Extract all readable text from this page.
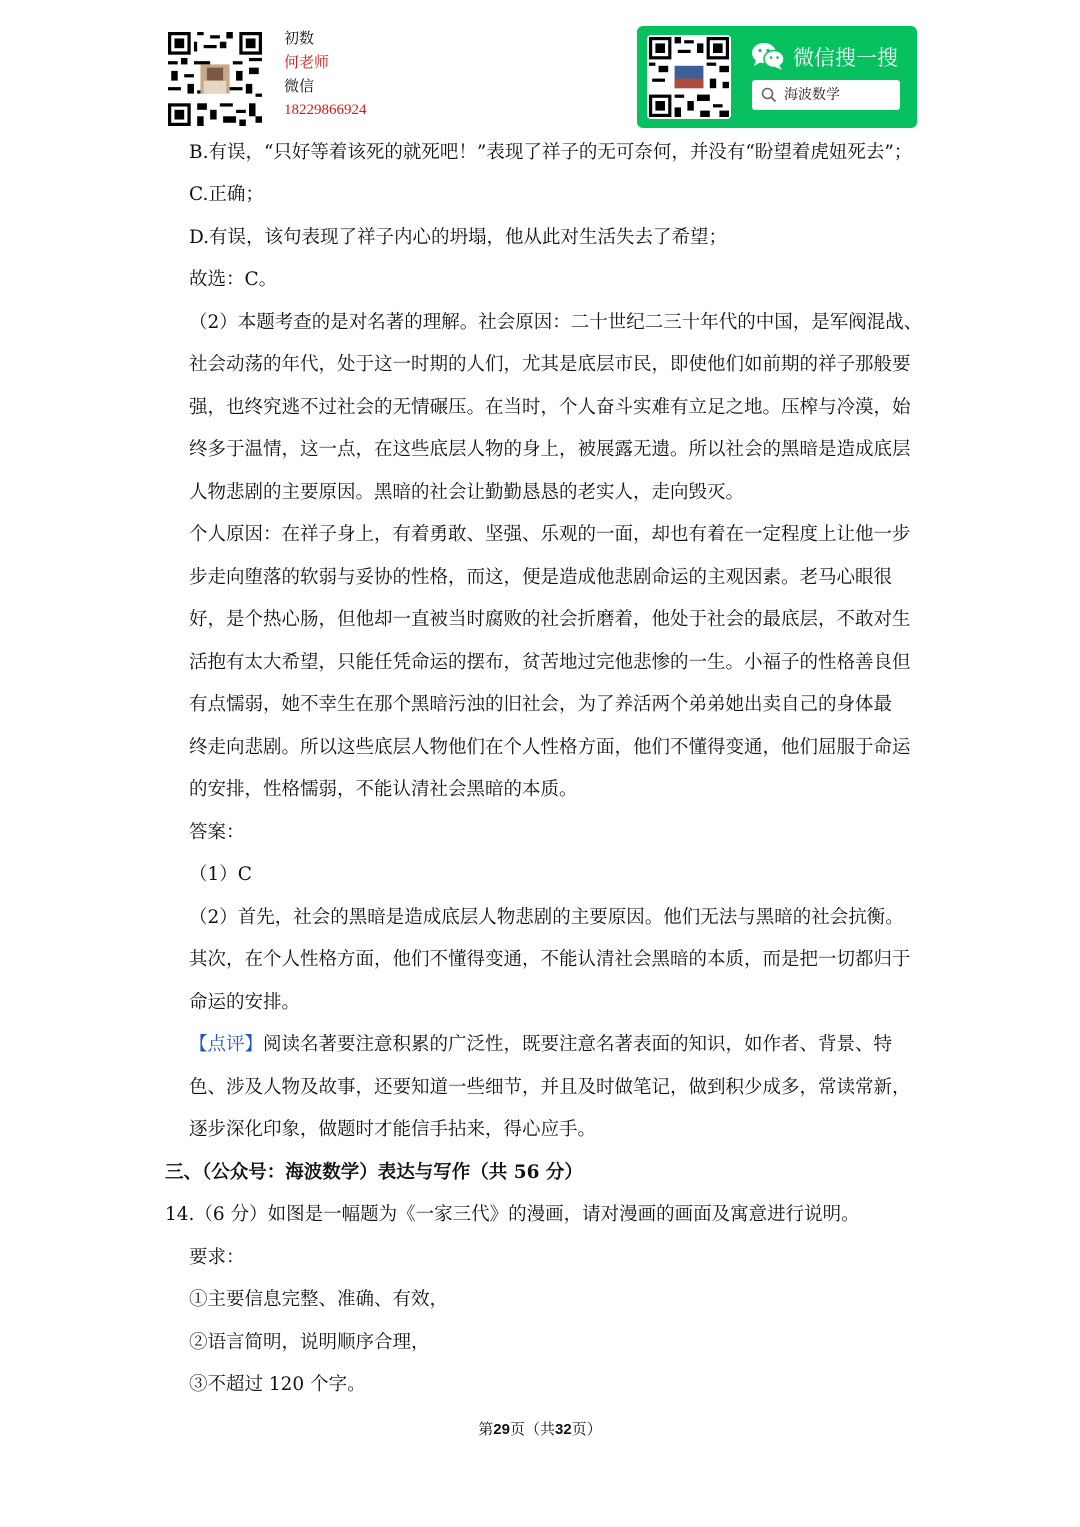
初数
何老师
微信
18229866924
微信搜一搜
海波数学
B.有误，“只好等着该死的就死吧！”表现了祥子的无可奈何，并没有“盼望着虎妞死去”；
C.正确；
D.有误，该句表现了祥子内心的坍塌，他从此对生活失去了希望；
故选：C。
（2）本题考查的是对名著的理解。社会原因：二十世纪二三十年代的中国，是军阀混战、
社会动荡的年代，处于这一时期的人们，尤其是底层市民，即使他们如前期的祥子那般要
强，也终究逃不过社会的无情碾压。在当时，个人奋斗实难有立足之地。压榨与冷漠，始
终多于温情，这一点，在这些底层人物的身上，被展露无遗。所以社会的黑暗是造成底层
人物悲剧的主要原因。黑暗的社会让勤勤恳恳的老实人，走向毁灭。
个人原因：在祥子身上，有着勇敢、坚强、乐观的一面，却也有着在一定程度上让他一步
步走向堕落的软弱与妥协的性格，而这，便是造成他悲剧命运的主观因素。老马心眼很
好，是个热心肠，但他却一直被当时腐败的社会折磨着，他处于社会的最底层，不敢对生
活抱有太大希望，只能任凭命运的摆布，贫苦地过完他悲惨的一生。小福子的性格善良但
有点懦弱，她不幸生在那个黑暗污浊的旧社会，为了养活两个弟弟她出卖自己的身体最
终走向悲剧。所以这些底层人物他们在个人性格方面，他们不懂得变通，他们屈服于命运
的安排，性格懦弱，不能认清社会黑暗的本质。
答案：
（1）C
（2）首先，社会的黑暗是造成底层人物悲剧的主要原因。他们无法与黑暗的社会抗衡。
其次，在个人性格方面，他们不懂得变通，不能认清社会黑暗的本质，而是把一切都归于
命运的安排。
【点评】阅读名著要注意积累的广泛性，既要注意名著表面的知识，如作者、背景、特
色、涉及人物及故事，还要知道一些细节，并且及时做笔记，做到积少成多，常读常新，
逐步深化印象，做题时才能信手拈来，得心应手。
三、（公众号：海波数学）表达与写作（共 56 分）
14.（6 分）如图是一幅题为《一家三代》的漫画，请对漫画的画面及寓意进行说明。
要求：
①主要信息完整、准确、有效，
②语言简明，说明顺序合理，
③不超过 120 个字。
第29页（共32页）
